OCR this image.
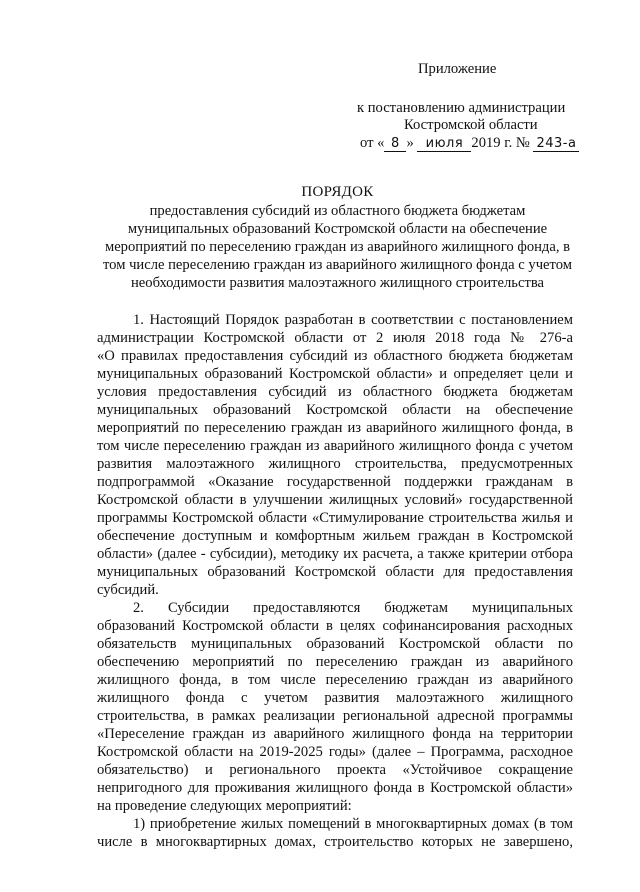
Приложение
к постановлению администрации
Костромской области
от « 8 » июля 2019 г. № 243-а
ПОРЯДОК
предоставления субсидий из областного бюджета бюджетам
муниципальных образований Костромской области на обеспечение
мероприятий по переселению граждан из аварийного жилищного фонда, в
том числе переселению граждан из аварийного жилищного фонда с учетом
необходимости развития малоэтажного жилищного строительства
1. Настоящий Порядок разработан в соответствии с постановлением
администрации Костромской области от 2 июля 2018 года № 276-а
«О правилах предоставления субсидий из областного бюджета бюджетам
муниципальных образований Костромской области» и определяет цели и
условия предоставления субсидий из областного бюджета бюджетам
муниципальных образований Костромской области на обеспечение
мероприятий по переселению граждан из аварийного жилищного фонда, в
том числе переселению граждан из аварийного жилищного фонда с учетом
развития малоэтажного жилищного строительства, предусмотренных
подпрограммой «Оказание государственной поддержки гражданам в
Костромской области в улучшении жилищных условий» государственной
программы Костромской области «Стимулирование строительства жилья и
обеспечение доступным и комфортным жильем граждан в Костромской
области» (далее - субсидии), методику их расчета, а также критерии отбора
муниципальных образований Костромской области для предоставления
субсидий.
2. Субсидии предоставляются бюджетам муниципальных
образований Костромской области в целях софинансирования расходных
обязательств муниципальных образований Костромской области по
обеспечению мероприятий по переселению граждан из аварийного
жилищного фонда, в том числе переселению граждан из аварийного
жилищного фонда с учетом развития малоэтажного жилищного
строительства, в рамках реализации региональной адресной программы
«Переселение граждан из аварийного жилищного фонда на территории
Костромской области на 2019-2025 годы» (далее – Программа, расходное
обязательство) и регионального проекта «Устойчивое сокращение
непригодного для проживания жилищного фонда в Костромской области»
на проведение следующих мероприятий:
1) приобретение жилых помещений в многоквартирных домах (в том
числе в многоквартирных домах, строительство которых не завершено,
